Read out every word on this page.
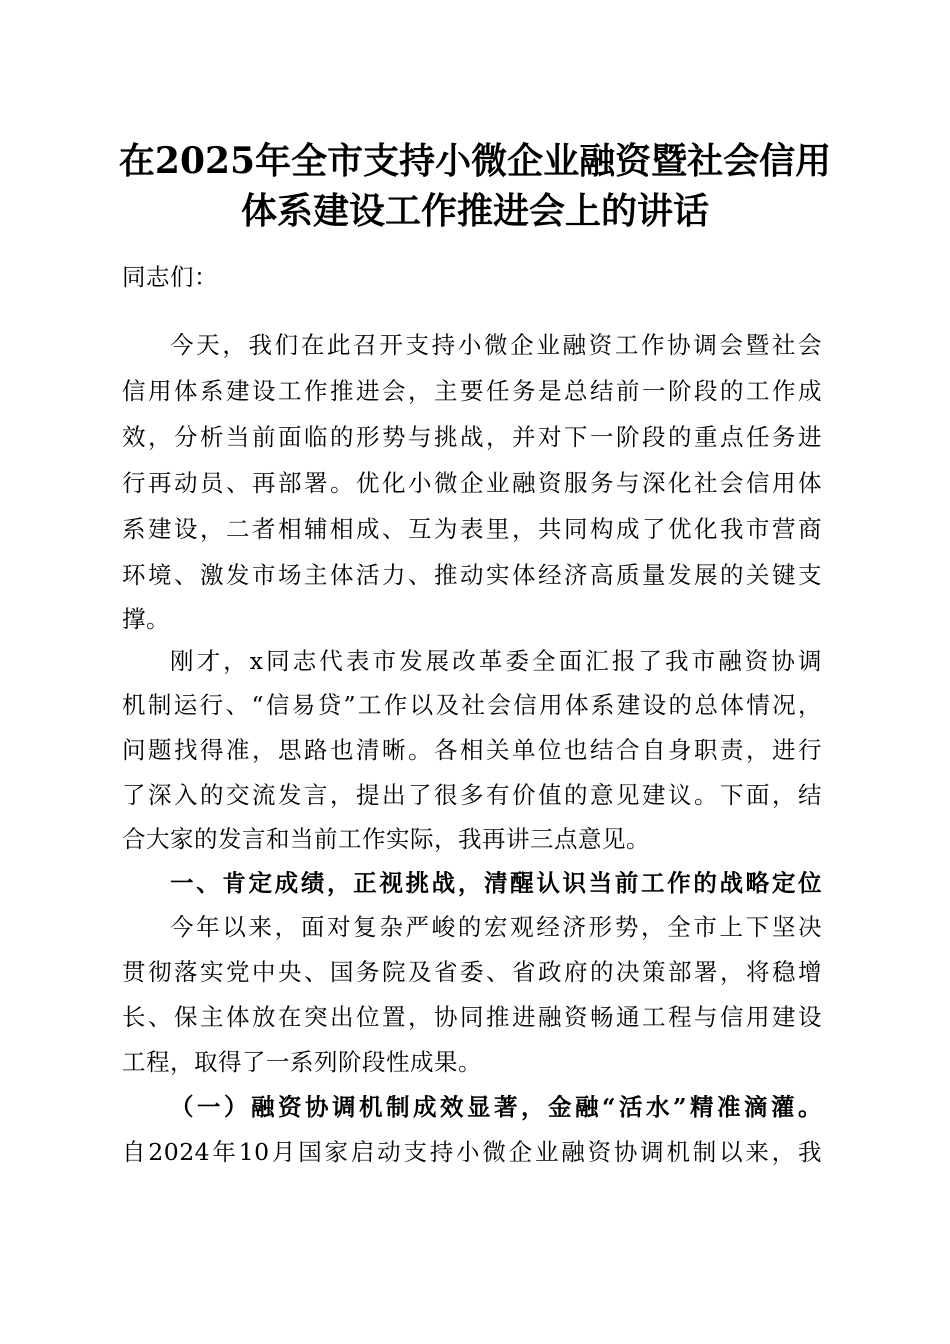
在2025年全市支持小微企业融资暨社会信用
体系建设工作推进会上的讲话
同志们：
今天，我们在此召开支持小微企业融资工作协调会暨社会
信用体系建设工作推进会，主要任务是总结前一阶段的工作成
效，分析当前面临的形势与挑战，并对下一阶段的重点任务进
行再动员、再部署。优化小微企业融资服务与深化社会信用体
系建设，二者相辅相成、互为表里，共同构成了优化我市营商
环境、激发市场主体活力、推动实体经济高质量发展的关键支
撑。
刚才，x同志代表市发展改革委全面汇报了我市融资协调
机制运行、“信易贷”工作以及社会信用体系建设的总体情况，
问题找得准，思路也清晰。各相关单位也结合自身职责，进行
了深入的交流发言，提出了很多有价值的意见建议。下面，结
合大家的发言和当前工作实际，我再讲三点意见。
一、肯定成绩，正视挑战，清醒认识当前工作的战略定位
今年以来，面对复杂严峻的宏观经济形势，全市上下坚决
贯彻落实党中央、国务院及省委、省政府的决策部署，将稳增
长、保主体放在突出位置，协同推进融资畅通工程与信用建设
工程，取得了一系列阶段性成果。
（一）融资协调机制成效显著，金融“活水”精准滴灌。
自2024年10月国家启动支持小微企业融资协调机制以来，我
